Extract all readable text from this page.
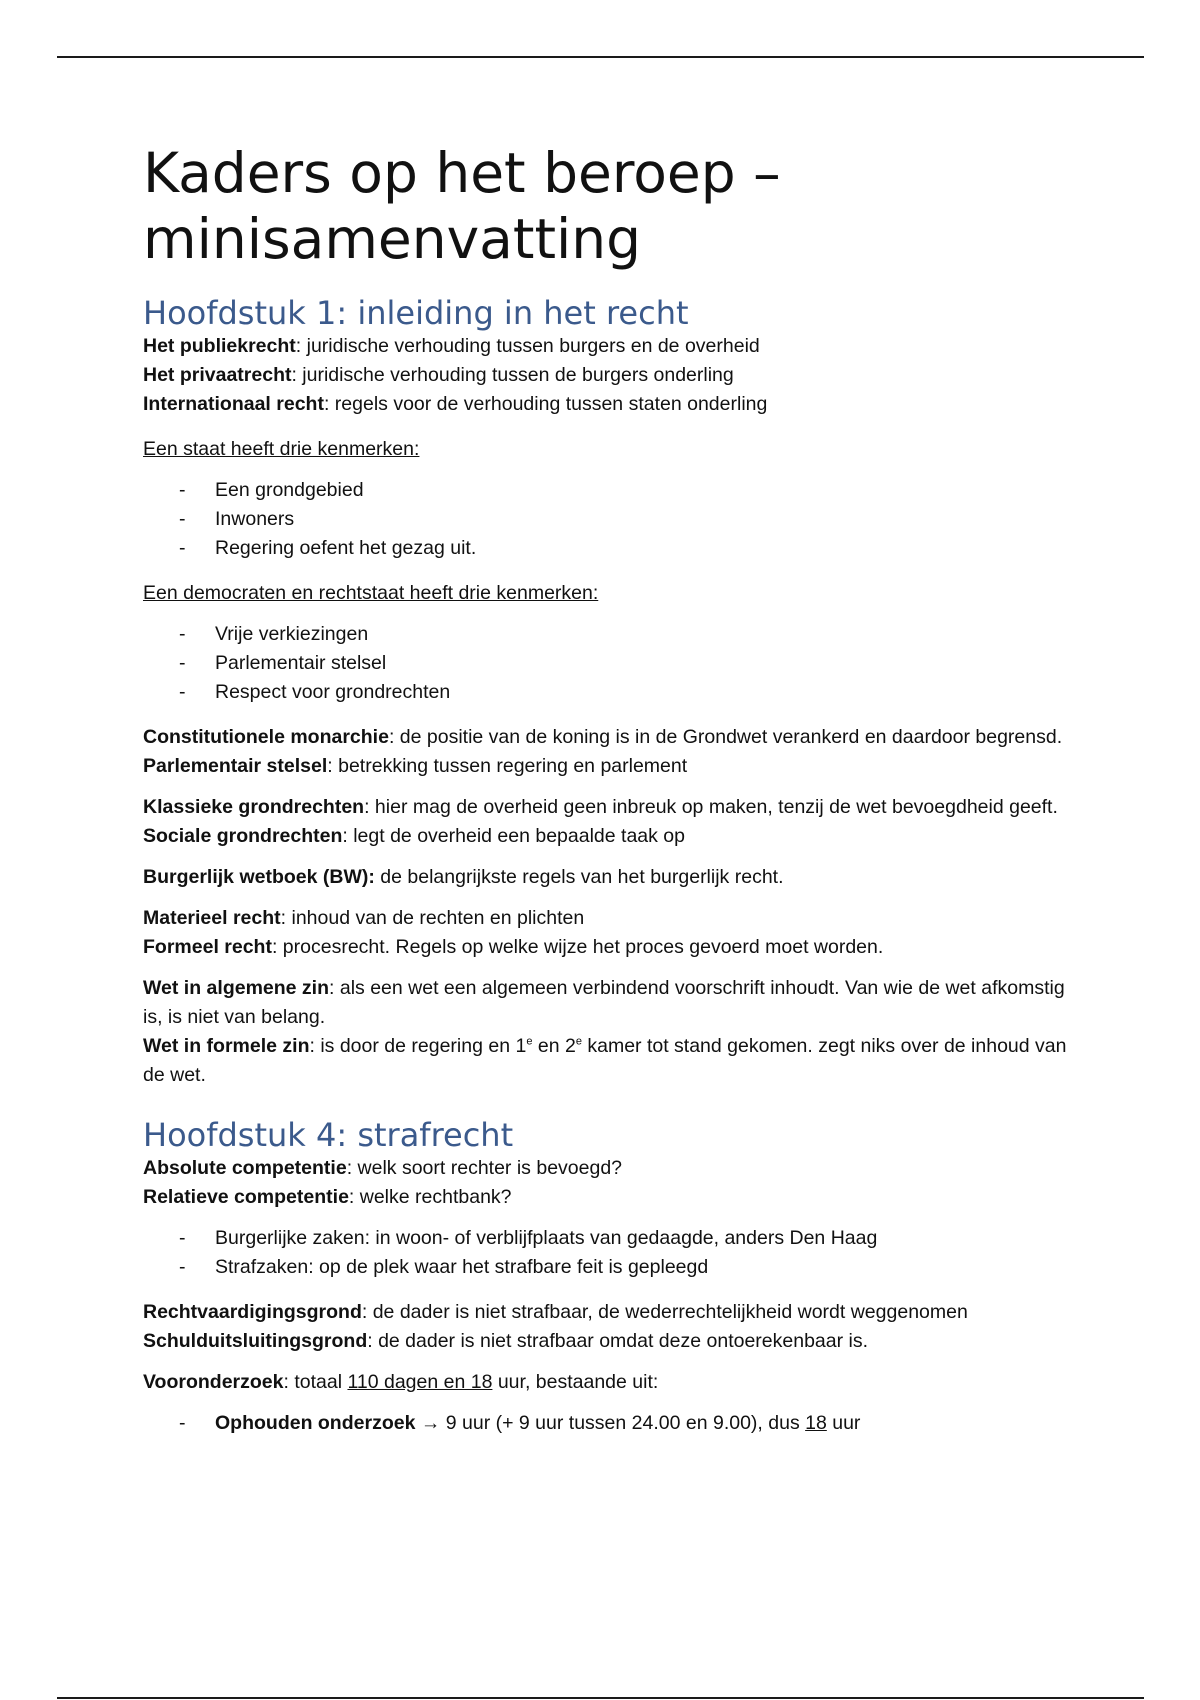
Kaders op het beroep – minisamenvatting
Hoofdstuk 1: inleiding in het recht

Het publiekrecht: juridische verhouding tussen burgers en de overheid

Het privaatrecht: juridische verhouding tussen de burgers onderling

Internationaal recht: regels voor de verhouding tussen staten onderling

Een staat heeft drie kenmerken:

- Een grondgebied
- Inwoners
- Regering oefent het gezag uit.

Een democraten en rechtstaat heeft drie kenmerken:

- Vrije verkiezingen
- Parlementair stelsel
- Respect voor grondrechten

Constitutionele monarchie: de positie van de koning is in de Grondwet verankerd en daardoor begrensd.

Parlementair stelsel: betrekking tussen regering en parlement

Klassieke grondrechten: hier mag de overheid geen inbreuk op maken, tenzij de wet bevoegdheid geeft.

Sociale grondrechten: legt de overheid een bepaalde taak op

Burgerlijk wetboek (BW): de belangrijkste regels van het burgerlijk recht.

Materieel recht: inhoud van de rechten en plichten

Formeel recht: procesrecht. Regels op welke wijze het proces gevoerd moet worden.

Wet in algemene zin: als een wet een algemeen verbindend voorschrift inhoudt. Van wie de wet afkomstig is, is niet van belang.

Wet in formele zin: is door de regering en 1e en 2e kamer tot stand gekomen. zegt niks over de inhoud van de wet.

Hoofdstuk 4: strafrecht

Absolute competentie: welk soort rechter is bevoegd?

Relatieve competentie: welke rechtbank?

- Burgerlijke zaken: in woon- of verblijfplaats van gedaagde, anders Den Haag
- Strafzaken: op de plek waar het strafbare feit is gepleegd

Rechtvaardigingsgrond: de dader is niet strafbaar, de wederrechtelijkheid wordt weggenomen

Schulduitsluitingsgrond: de dader is niet strafbaar omdat deze ontoerekenbaar is.

Vooronderzoek: totaal 110 dagen en 18 uur, bestaande uit:

- Ophouden onderzoek → 9 uur (+ 9 uur tussen 24.00 en 9.00), dus 18 uur
